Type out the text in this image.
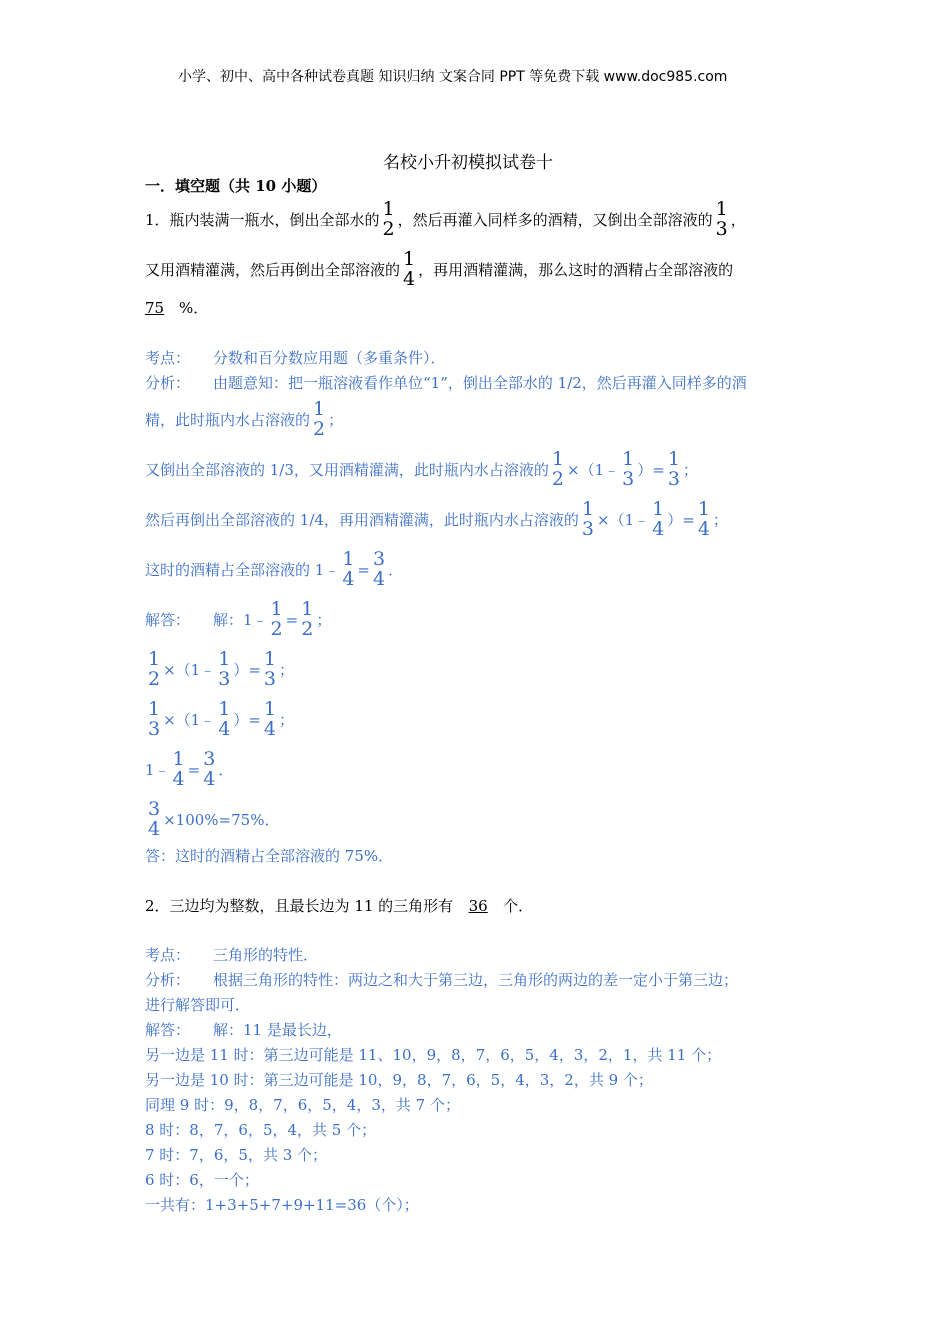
小学、初中、高中各种试卷真题 知识归纳 文案合同 PPT 等免费下载 www.doc985.com
名校小升初模拟试卷十
一．填空题（共 10 小题）
1．瓶内装满一瓶水，倒出全部水的
1
2 ，然后再灌入同样多的酒精，又倒出全部溶液的
1
3 ，
又用酒精灌满，然后再倒出全部溶液的
1
4 ，再用酒精灌满，那么这时的酒精占全部溶液的
75 %．
考点： 分数和百分数应用题（多重条件）．
分析： 由题意知：把一瓶溶液看作单位“1”，倒出全部水的 1/2，然后再灌入同样多的酒
精，此时瓶内水占溶液的
1
2 ；
又倒出全部溶液的 1/3，又用酒精灌满，此时瓶内水占溶液的
1
2 × （1﹣
1
3 ） = 1
3 ；
然后再倒出全部溶液的 1/4，再用酒精灌满，此时瓶内水占溶液的
1
3 × （1﹣
1
4 ） = 1
4 ；
这时的酒精占全部溶液的 1﹣
1
4 = 3
4 ．
解答：	解：1﹣
1
2 = 1
2 ；
1
2 × （1﹣
1
3 ） = 1
3 ；
1
3 × （1﹣
1
4 ） = 1
4 ；
1﹣
1
4 = 3
4 ．
3
4 ×100%=75%．
答：这时的酒精占全部溶液的 75%．
2．三边均为整数，且最长边为 11 的三角形有 36 个．
考点： 三角形的特性．
分析： 根据三角形的特性：两边之和大于第三边，三角形的两边的差一定小于第三边；
进行解答即可．
解答： 解：11 是最长边，
另一边是 11 时：第三边可能是 11、10，9，8，7，6，5，4，3，2，1，共 11 个；
另一边是 10 时：第三边可能是 10，9，8，7，6，5，4，3，2，共 9 个；
同理 9 时：9，8，7，6，5，4，3，共 7 个；
8 时：8，7，6，5，4，共 5 个；
7 时：7，6，5，共 3 个；
6 时：6，一个；
一共有：1+3+5+7+9+11=36（个）；
